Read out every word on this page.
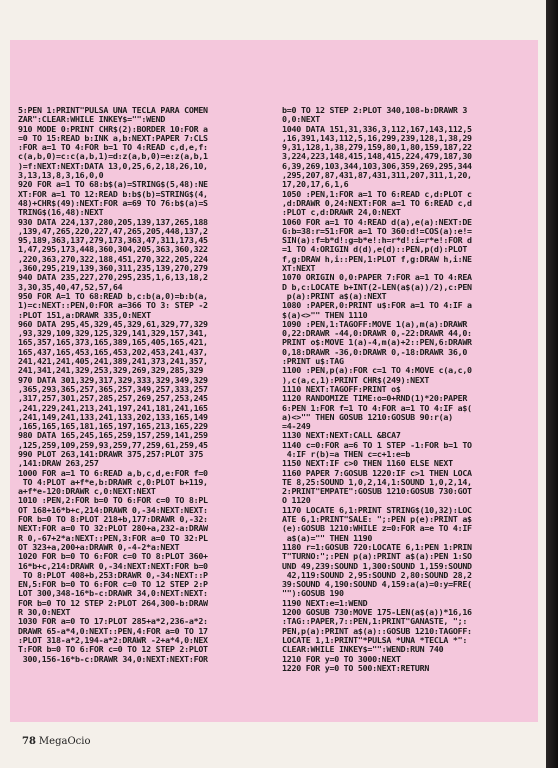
5:PEN 1:PRINT"PULSA UNA TECLA PARA COMEN
ZAR":CLEAR:WHILE INKEY$="":WEND
910 MODE 0:PRINT CHR$(2):BORDER 10:FOR a
=0 TO 15:READ b:INK a,b:NEXT:PAPER 7:CLS
:FOR a=1 TO 4:FOR b=1 TO 4:READ c,d,e,f:
c(a,b,0)=c:c(a,b,1)=d:z(a,b,0)=e:z(a,b,1
)=f:NEXT:NEXT:DATA 13,0,25,6,2,18,26,10,
3,13,13,8,3,16,0,0
920 FOR a=1 TO 68:b$(a)=STRING$(5,48):NE
XT:FOR a=1 TO 12:READ b:b$(b)=STRING$(4,
48)+CHR$(49):NEXT:FOR a=69 TO 76:b$(a)=S
TRING$(16,48):NEXT
930 DATA 224,137,280,205,139,137,265,188
,139,47,265,220,227,47,265,205,448,137,2
95,189,363,137,279,173,363,47,311,173,45
1,47,295,173,448,360,304,205,363,360,322
,220,363,270,322,188,451,270,322,205,224
,360,295,219,139,360,311,235,139,270,279
940 DATA 235,227,270,295,235,1,6,13,18,2
3,30,35,40,47,52,57,64
950 FOR A=1 TO 68:READ b,c:b(a,0)=b:b(a,
1)=c:NEXT::PEN,0:FOR a=366 TO 3: STEP -2
:PLOT 151,a:DRAWR 335,0:NEXT
960 DATA 295,45,329,45,329,61,329,77,329
,93,329,109,329,125,329,141,329,157,341,
165,357,165,373,165,389,165,405,165,421,
165,437,165,453,165,453,202,453,241,437,
241,421,241,405,241,389,241,373,241,357,
241,341,241,329,253,329,269,329,285,329
970 DATA 301,329,317,329,333,329,349,329
,365,293,365,257,365,257,349,257,333,257
,317,257,301,257,285,257,269,257,253,245
,241,229,241,213,241,197,241,181,241,165
,241,149,241,133,241,133,202,133,165,149
,165,165,165,181,165,197,165,213,165,229
980 DATA 165,245,165,259,157,259,141,259
,125,259,109,259,93,259,77,259,61,259,45
990 PLOT 263,141:DRAWR 375,257:PLOT 375
,141:DRAW 263,257
1000 FOR a=1 TO 6:READ a,b,c,d,e:FOR f=0
TO 4:PLOT a+f*e,b:DRAWR c,0:PLOT b+119,
a+f*e-120:DRAWR c,0:NEXT:NEXT
1010 :PEN,2:FOR b=0 TO 6:FOR c=0 TO 8:PL
OT 168+16*b+c,214:DRAWR 0,-34:NEXT:NEXT:
FOR b=0 TO 8:PLOT 218+b,177:DRAWR 0,-32:
NEXT:FOR a=0 TO 32:PLOT 280+a,232-a:DRAW
R 0,-67+2*a:NEXT::PEN,3:FOR a=0 TO 32:PL
OT 323+a,200+a:DRAWR 0,-4-2*a:NEXT
1020 FOR b=0 TO 6:FOR c=0 TO 8:PLOT 360+
16*b+c,214:DRAWR 0,-34:NEXT:NEXT:FOR b=0
TO 8:PLOT 408+b,253:DRAWR 0,-34:NEXT::P
EN,5:FOR b=0 TO 6:FOR c=0 TO 12 STEP 2:P
LOT 300,348-16*b-c:DRAWR 34,0:NEXT:NEXT:
FOR b=0 TO 12 STEP 2:PLOT 264,300-b:DRAW
R 30,0:NEXT
1030 FOR a=0 TO 17:PLOT 285+a*2,236-a*2:
DRAWR 65-a*4,0:NEXT::PEN,4:FOR a=0 TO 17
:PLOT 318-a*2,194-a*2:DRAWR -2+a*4,0:NEX
T:FOR b=0 TO 6:FOR c=0 TO 12 STEP 2:PLOT
300,156-16*b-c:DRAWR 34,0:NEXT:NEXT:FOR
b=0 TO 12 STEP 2:PLOT 340,108-b:DRAWR 3
0,0:NEXT
1040 DATA 151,31,336,3,112,167,143,112,5
,16,391,143,112,5,16,299,239,128,1,38,29
9,31,128,1,38,279,159,80,1,80,159,187,22
3,224,223,148,415,148,415,224,479,187,30
6,39,269,103,344,103,306,359,269,295,344
,295,207,87,431,87,431,311,207,311,1,20,
17,20,17,6,1,6
1050 :PEN,1:FOR a=1 TO 6:READ c,d:PLOT c
,d:DRAWR 0,24:NEXT:FOR a=1 TO 6:READ c,d
:PLOT c,d:DRAWR 24,0:NEXT
1060 FOR a=1 TO 4:READ d(a),e(a):NEXT:DE
G:b=38:r=51:FOR a=1 TO 360:d!=COS(a):e!=
SIN(a):f=b*d!:g=b*e!:h=r*d!:i=r*e!:FOR d
=1 TO 4:ORIGIN d(d),e(d)::PEN,p(d):PLOT
f,g:DRAW h,i::PEN,1:PLOT f,g:DRAW h,i:NE
XT:NEXT
1070 ORIGIN 0,0:PAPER 7:FOR a=1 TO 4:REA
D b,c:LOCATE b+INT(2-LEN(a$(a))/2),c:PEN
p(a):PRINT a$(a):NEXT
1080 :PAPER,0:PRINT u$:FOR a=1 TO 4:IF a
$(a)<>"" THEN 1110
1090 :PEN,1:TAGOFF:MOVE 1(a),m(a):DRAWR
0,22:DRAWR -44,0:DRAWR 0,-22:DRAWR 44,0:
PRINT o$:MOVE 1(a)-4,m(a)+2::PEN,6:DRAWR
0,18:DRAWR -36,0:DRAWR 0,-18:DRAWR 36,0
:PRINT u$:TAG
1100 :PEN,p(a):FOR c=1 TO 4:MOVE c(a,c,0
),c(a,c,1):PRINT CHR$(249):NEXT
1110 NEXT:TAGOFF:PRINT o$
1120 RANDOMIZE TIME:o=0+RND(1)*20:PAPER
6:PEN 1:FOR f=1 TO 4:FOR a=1 TO 4:IF a$(
a)<>"" THEN GOSUB 1210:GOSUB 90:r(a)
=4-249
1130 NEXT:NEXT:CALL &BCA7
1140 c=0:FOR a=6 TO 1 STEP -1:FOR b=1 TO
4:IF r(b)=a THEN c=c+1:e=b
1150 NEXT:IF c>0 THEN 1160 ELSE NEXT
1160 PAPER 7:GOSUB 1220:IF c>1 THEN LOCA
TE 8,25:SOUND 1,0,2,14,1:SOUND 1,0,2,14,
2:PRINT"EMPATE":GOSUB 1210:GOSUB 730:GOT
O 1120
1170 LOCATE 6,1:PRINT STRING$(10,32):LOC
ATE 6,1:PRINT"SALE: ";:PEN p(e):PRINT a$
(e):GOSUB 1210:WHILE z=0:FOR a=e TO 4:IF
a$(a)="" THEN 1190
1180 r=1:GOSUB 720:LOCATE 6,1:PEN 1:PRIN
T"TURNO:";:PEN p(a):PRINT a$(a):PEN 1:SO
UND 49,239:SOUND 1,300:SOUND 1,159:SOUND
42,119:SOUND 2,95:SOUND 2,80:SOUND 28,2
39:SOUND 4,190:SOUND 4,159:a(a)=0:y=FRE(
""):GOSUB 190
1190 NEXT:e=1:WEND
1200 GOSUB 730:MOVE 175-LEN(a$(a))*16,16
:TAG::PAPER,7::PEN,1:PRINT"GANASTE, ";:
PEN,p(a):PRINT a$(a)::GOSUB 1210:TAGOFF:
LOCATE 1,1:PRINT"*PULSA *UNA *TECLA *":
CLEAR:WHILE INKEY$="":WEND:RUN 740
1210 FOR y=0 TO 3000:NEXT
1220 FOR y=0 TO 500:NEXT:RETURN
78 MegaOcio
